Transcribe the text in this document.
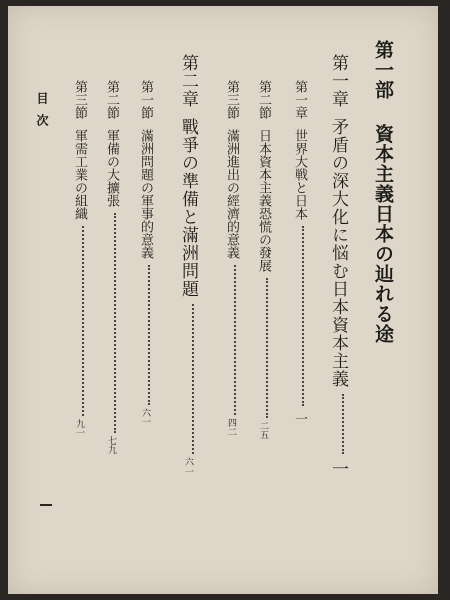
第一部資本主義日本の辿れる途
第一章矛盾の深大化に悩む日本資本主義一
第一章世界大戦と日本一
第二節日本資本主義恐慌の發展二五
第三節滿洲進出の經濟的意義四二
第二章戰爭の準備と滿洲問題六一
第一節滿洲問題の軍事的意義六一
第二節軍備の大擴張七九
第三節軍需工業の組織九一
目次
